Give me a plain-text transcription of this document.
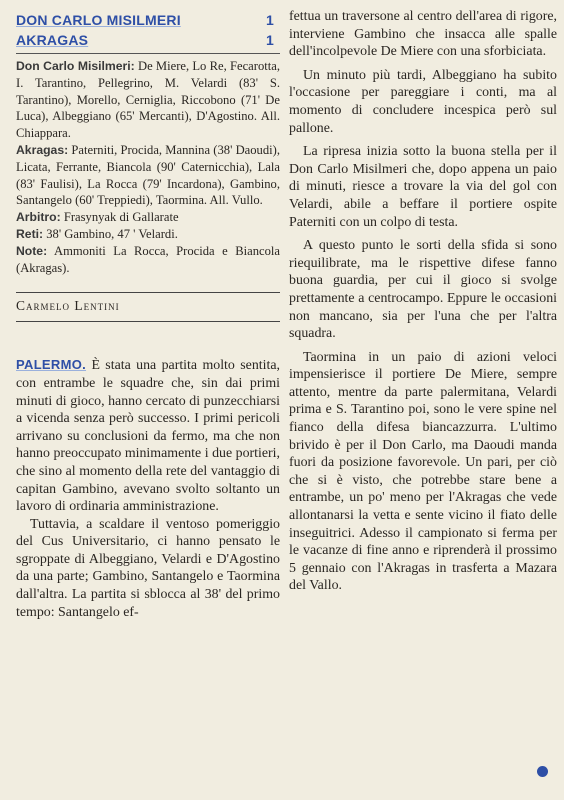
DON CARLO MISILMERI	1
AKRAGAS	1

Don Carlo Misilmeri: De Miere, Lo Re, Fecarotta, I. Tarantino, Pellegrino, M. Velardi (83' S. Tarantino), Morello, Cerniglia, Riccobono (71' De Luca), Albeggiano (65' Mercanti), D'Agostino. All. Chiappara.

Akragas: Paterniti, Procida, Mannina (38' Daoudi), Licata, Ferrante, Biancola (90' Caternicchia), Lala (83' Faulisi), La Rocca (79' Incardona), Gambino, Santangelo (60' Treppiedi), Taormina. All. Vullo.

Arbitro: Frasynyak di Gallarate

Reti: 38' Gambino, 47 ' Velardi.

Note: Ammoniti La Rocca, Procida e Biancola (Akragas).

Carmelo Lentini

PALERMO. È stata una partita molto sentita, con entrambe le squadre che, sin dai primi minuti di gioco, hanno cercato di punzecchiarsi a vicenda senza però successo. I primi pericoli arrivano su conclusioni da fermo, ma che non hanno preoccupato minimamente i due portieri, che sino al momento della rete del vantaggio di capitan Gambino, avevano svolto soltanto un lavoro di ordinaria amministrazione.

Tuttavia, a scaldare il ventoso pomeriggio del Cus Universitario, ci hanno pensato le sgroppate di Albeggiano, Velardi e D'Agostino da una parte; Gambino, Santangelo e Taormina dall'altra. La partita si sblocca al 38' del primo tempo: Santangelo ef-

fettua un traversone al centro dell'area di rigore, interviene Gambino che insacca alle spalle dell'incolpevole De Miere con una sforbiciata.

Un minuto più tardi, Albeggiano ha subito l'occasione per pareggiare i conti, ma al momento di concludere incespica però sul pallone.

La ripresa inizia sotto la buona stella per il Don Carlo Misilmeri che, dopo appena un paio di minuti, riesce a trovare la via del gol con Velardi, abile a beffare il portiere ospite Paterniti con un colpo di testa.

A questo punto le sorti della sfida si sono riequilibrate, ma le rispettive difese fanno buona guardia, per cui il gioco si svolge prettamente a centrocampo. Eppure le occasioni non mancano, sia per l'una che per l'altra squadra.

Taormina in un paio di azioni veloci impensierisce il portiere De Miere, sempre attento, mentre da parte palermitana, Velardi prima e S. Tarantino poi, sono le vere spine nel fianco della difesa biancazzurra. L'ultimo brivido è per il Don Carlo, ma Daoudi manda fuori da posizione favorevole. Un pari, per ciò che si è visto, che potrebbe stare bene a entrambe, un po' meno per l'Akragas che vede allontanarsi la vetta e sente vicino il fiato delle inseguitrici. Adesso il campionato si ferma per le vacanze di fine anno e riprenderà il prossimo 5 gennaio con l'Akragas in trasferta a Mazara del Vallo.
